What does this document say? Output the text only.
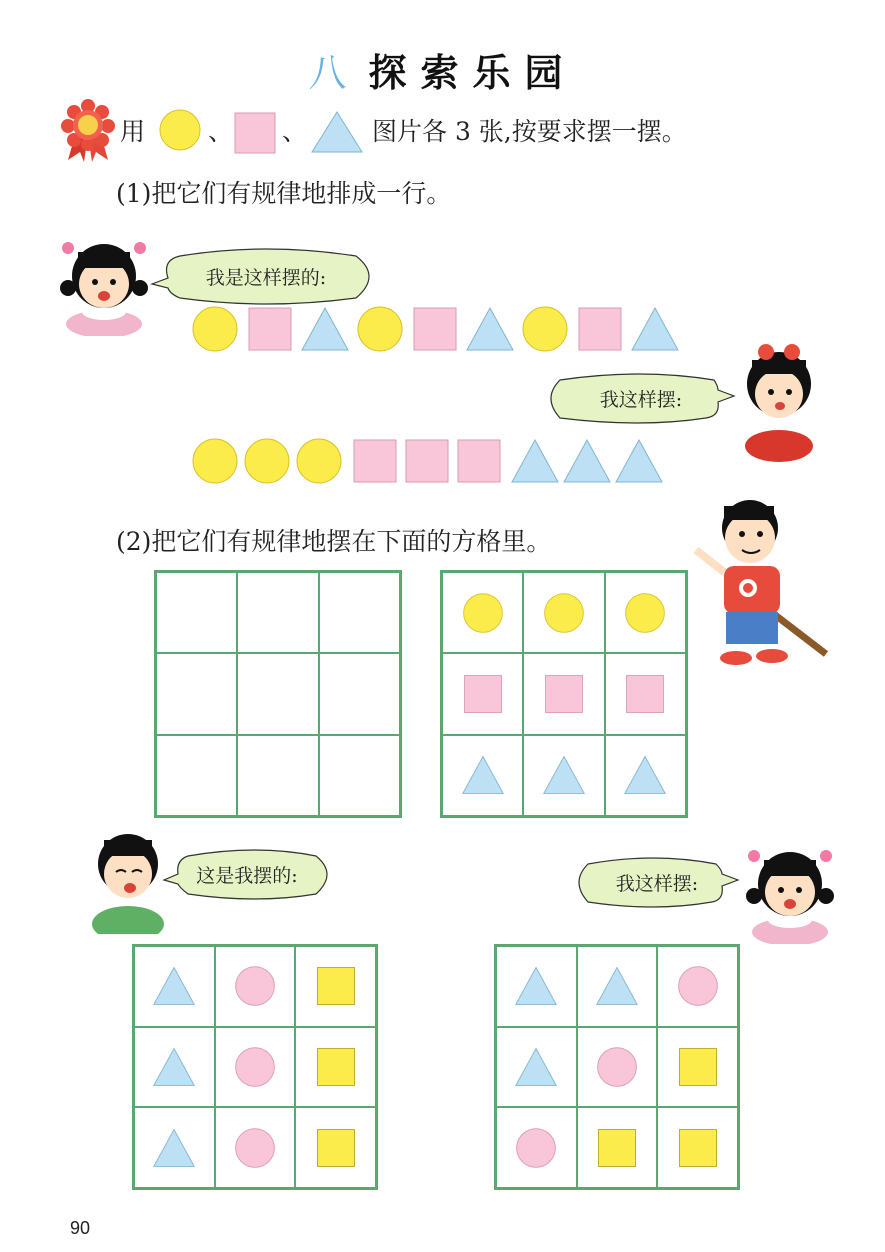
八 探索乐园
用	、 、	图片各 3 张,按要求摆一摆。
(1)把它们有规律地排成一行。
我是这样摆的:
我这样摆:
(2)把它们有规律地摆在下面的方格里。
这是我摆的:	我这样摆:
90
